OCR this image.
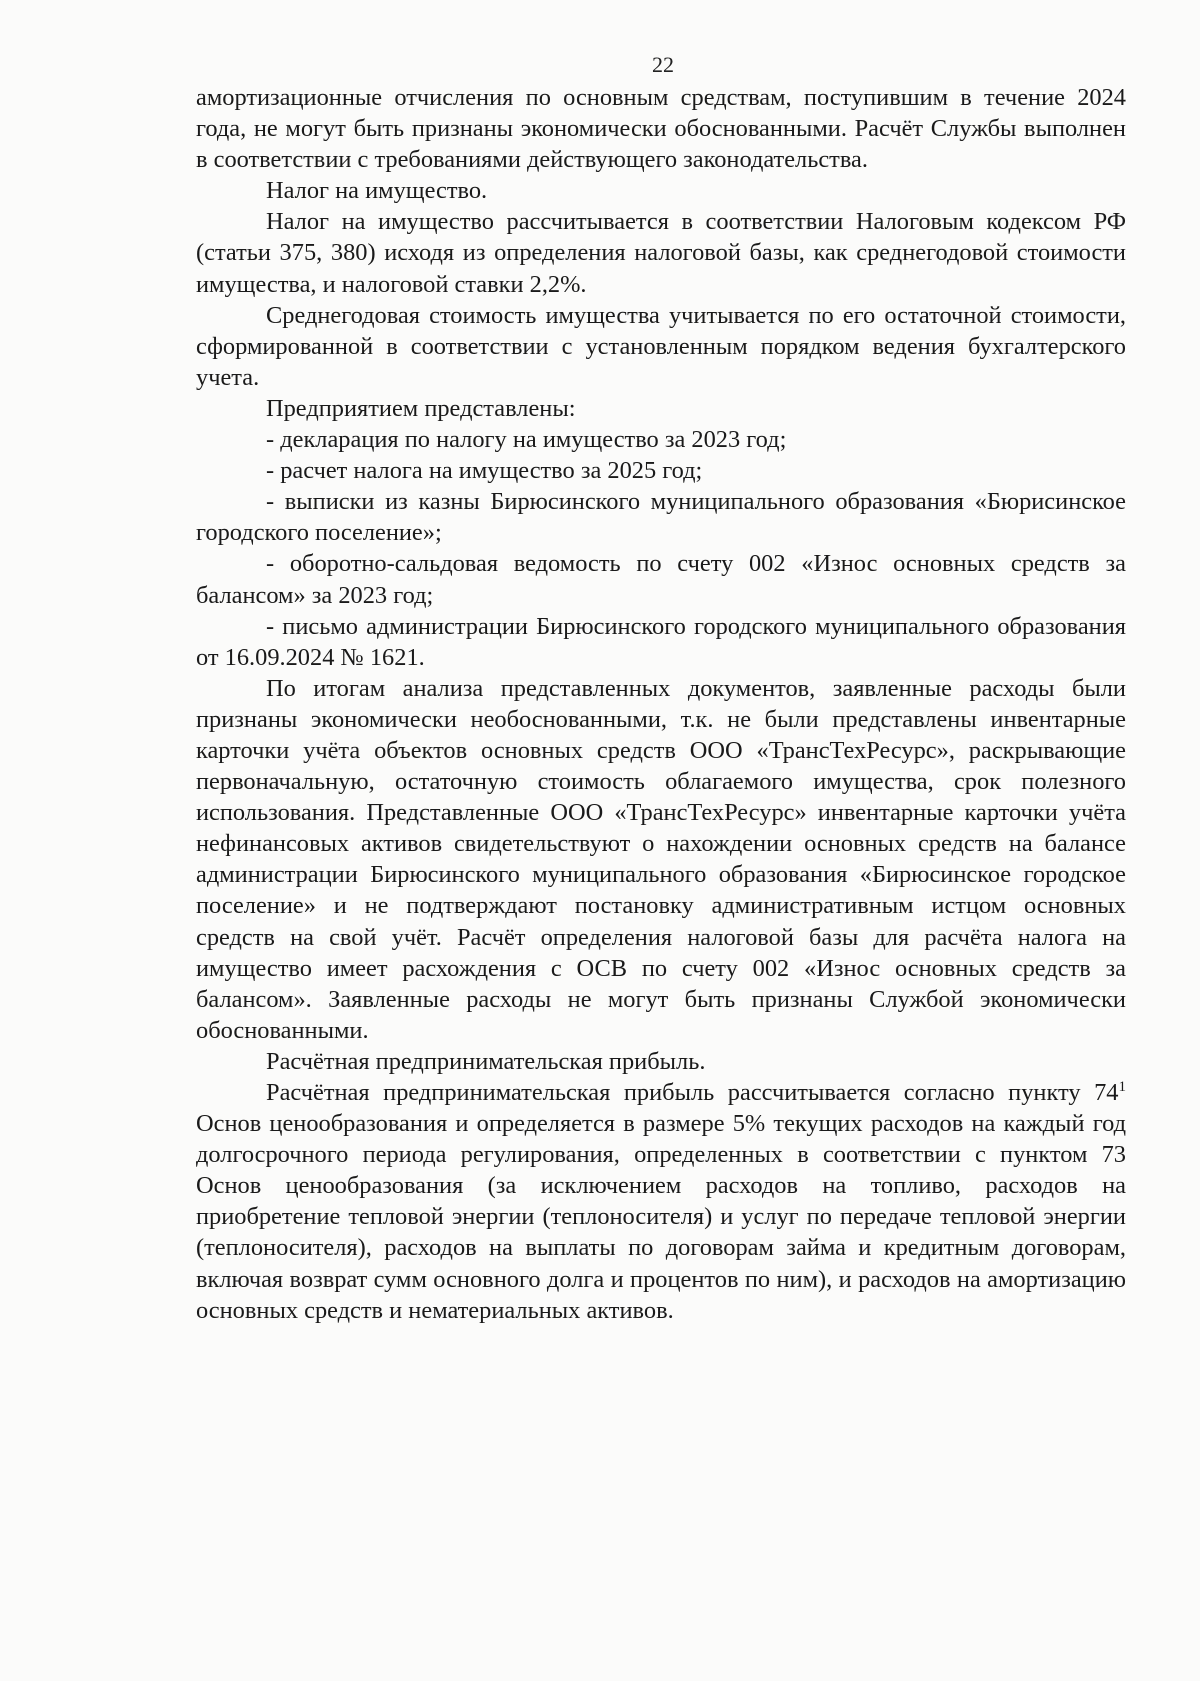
22

амортизационные отчисления по основным средствам, поступившим в течение 2024 года, не могут быть признаны экономически обоснованными. Расчёт Службы выполнен в соответствии с требованиями действующего законодательства.

Налог на имущество.

Налог на имущество рассчитывается в соответствии Налоговым кодексом РФ (статьи 375, 380) исходя из определения налоговой базы, как среднегодовой стоимости имущества, и налоговой ставки 2,2%.

Среднегодовая стоимость имущества учитывается по его остаточной стоимости, сформированной в соответствии с установленным порядком ведения бухгалтерского учета.

Предприятием представлены:

- декларация по налогу на имущество за 2023 год;

- расчет налога на имущество за 2025 год;

- выписки из казны Бирюсинского муниципального образования «Бюрисинское городского поселение»;

- оборотно-сальдовая ведомость по счету 002 «Износ основных средств за балансом» за 2023 год;

- письмо администрации Бирюсинского городского муниципального образования от 16.09.2024 № 1621.

По итогам анализа представленных документов, заявленные расходы были признаны экономически необоснованными, т.к. не были представлены инвентарные карточки учёта объектов основных средств ООО «ТрансТехРесурс», раскрывающие первоначальную, остаточную стоимость облагаемого имущества, срок полезного использования. Представленные ООО «ТрансТехРесурс» инвентарные карточки учёта нефинансовых активов свидетельствуют о нахождении основных средств на балансе администрации Бирюсинского муниципального образования «Бирюсинское городское поселение» и не подтверждают постановку административным истцом основных средств на свой учёт. Расчёт определения налоговой базы для расчёта налога на имущество имеет расхождения с ОСВ по счету 002 «Износ основных средств за балансом». Заявленные расходы не могут быть признаны Службой экономически обоснованными.

Расчётная предпринимательская прибыль.

Расчётная предпринимательская прибыль рассчитывается согласно пункту $74^1$ Основ ценообразования и определяется в размере 5% текущих расходов на каждый год долгосрочного периода регулирования, определенных в соответствии с пунктом 73 Основ ценообразования (за исключением расходов на топливо, расходов на приобретение тепловой энергии (теплоносителя) и услуг по передаче тепловой энергии (теплоносителя), расходов на выплаты по договорам займа и кредитным договорам, включая возврат сумм основного долга и процентов по ним), и расходов на амортизацию основных средств и нематериальных активов.
